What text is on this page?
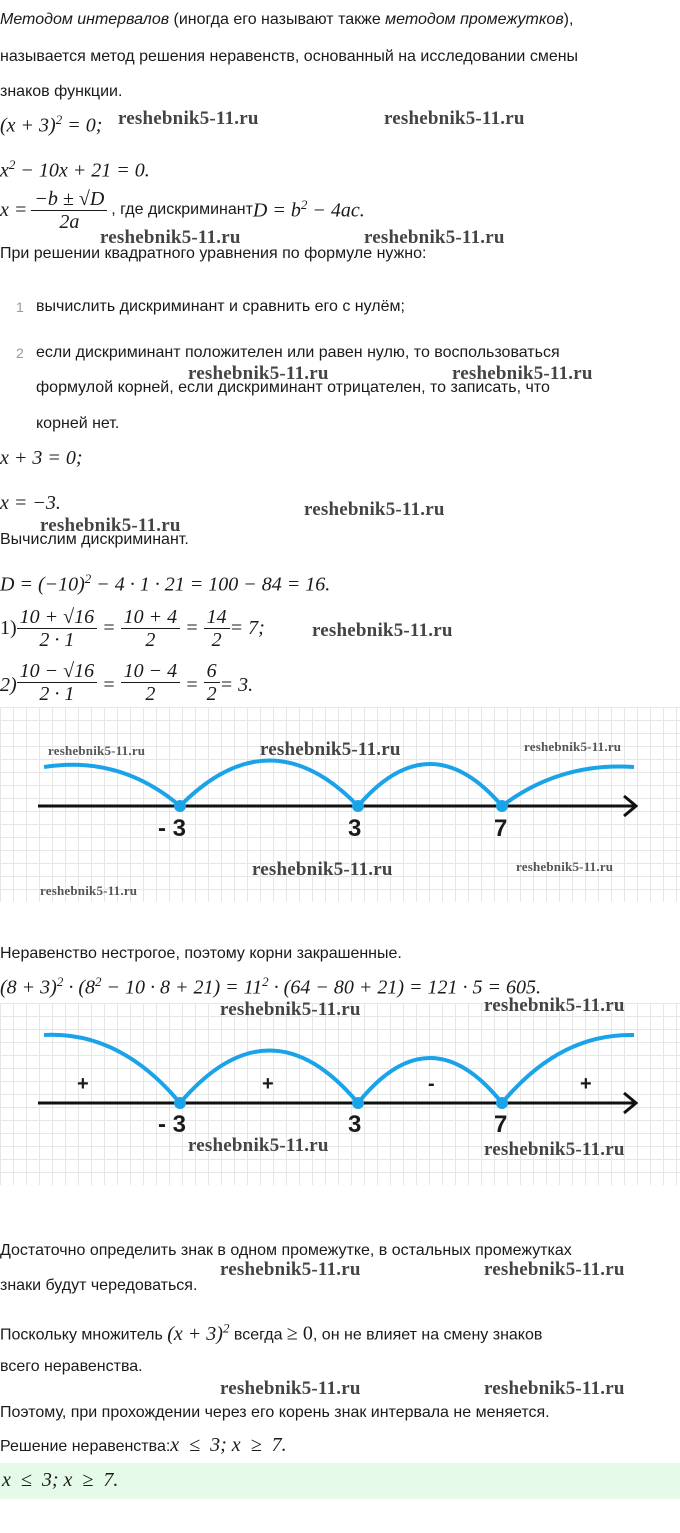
Методом интервалов (иногда его называют также методом промежутков),
называется метод решения неравенств, основанный на исследовании смены
знаков функции.
$(x + 3)^2 = 0$; reshebnik5-11.ru	reshebnik5-11.ru
$x^2 - 10x + 21 = 0$.
$x = \frac{-b \pm √D}{2a}$ , где дискриминант $D = b^2 - 4ac$.
reshebnik5-11.ru	reshebnik5-11.ru
При решении квадратного уравнения по формуле нужно:
1 вычислить дискриминант и сравнить его с нулём;
2 если дискриминант положителен или равен нулю, то воспользоваться
формулой корней, если дискриминант отрицателен, то записать, что
корней нет.
reshebnik5-11.ru	reshebnik5-11.ru
x + 3 = 0;
x = −3.	reshebnik5-11.ru
reshebnik5-11.ru
Вычислим дискриминант.
$D = (-10)^2 - 4 \cdot 1 \cdot 21 = 100 - 84 = 16$.
$1) \frac{10 + √16}{2 \cdot 1} = \frac{10 + 4}{2} = \frac{14}{2} = 7$; reshebnik5-11.ru
$2) \frac{10 - √16}{2 \cdot 1} = \frac{10 - 4}{2} = \frac{6}{2} = 3$.
- 3	3	7
reshebnik5-11.ru	reshebnik5-11.ru	reshebnik5-11.ru
reshebnik5-11.ru	reshebnik5-11.ru
reshebnik5-11.ru
Неравенство нестрогое, поэтому корни закрашенные.
$(8 + 3)^2 \cdot (8^2 - 10 \cdot 8 + 21) = 11^2 \cdot (64 - 80 + 21) = 121 \cdot 5 = 605$.
+	+	-	+
- 3	3	7
reshebnik5-11.ru	reshebnik5-11.ru
reshebnik5-11.ru	reshebnik5-11.ru
Достаточно определить знак в одном промежутке, в остальных промежутках
знаки будут чередоваться.
reshebnik5-11.ru	reshebnik5-11.ru
Поскольку множитель $(x + 3)^2$ всегда ≥ 0, он не влияет на смену знаков
всего неравенства.
reshebnik5-11.ru	reshebnik5-11.ru
Поэтому, при прохождении через его корень знак интервала не меняется.
Решение неравенства: x  ≤  3; x  ≥  7.
x  ≤  3; x  ≥  7.
